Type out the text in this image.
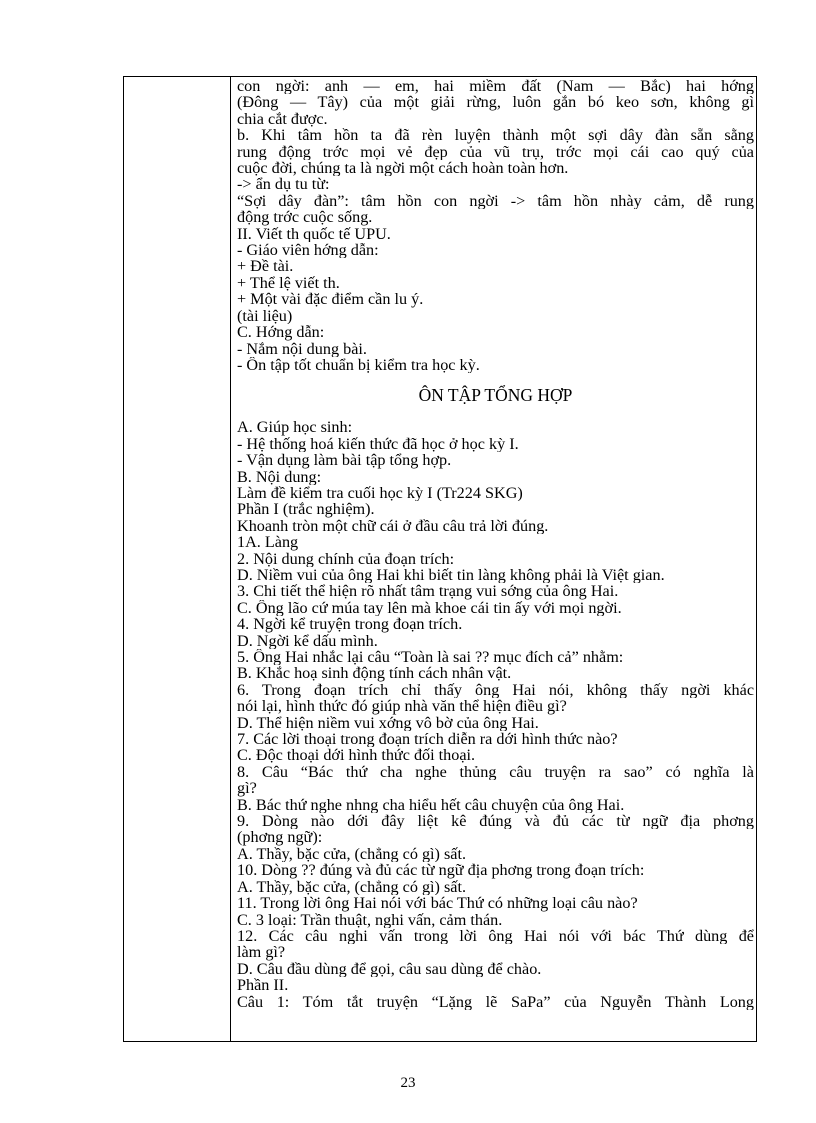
con ngời: anh — em, hai miềm đất (Nam — Bắc) hai hớng
(Đông — Tây) của một giải rừng, luôn gắn bó keo sơn, không gì
chia cắt được.
b. Khi tâm hồn ta đã rèn luyện thành một sợi dây đàn sẵn sằng
rung động trớc mọi vẻ đẹp của vũ trụ, trớc mọi cái cao quý của
cuộc đời, chúng ta là ngời một cách hoàn toàn hơn.
-> ẩn dụ tu từ:
“Sợi dây đàn”: tâm hồn con ngời -> tâm hồn nhày cảm, dễ rung
động trớc cuộc sống.
II. Viết th quốc tế UPU.
- Giáo viên hớng dẫn:
+ Đề tài.
+ Thể lệ viết th.
+ Một vài đặc điểm cần lu ý.
(tài liệu)
C. Hớng dẫn:
- Nắm nội dung bài.
- Ôn tập tốt chuẩn bị kiểm tra học kỳ.
ÔN TẬP TỔNG HỢP
A. Giúp học sinh:
- Hệ thống hoá kiến thức đã học ở học kỳ I.
- Vận dụng làm bài tập tổng hợp.
B. Nội dung:
Làm đề kiểm tra cuối học kỳ I (Tr224 SKG)
Phần I (trắc nghiệm).
Khoanh tròn một chữ cái ở đầu câu trả lời đúng.
1A. Làng
2. Nội dung chính của đoạn trích:
D. Niềm vui của ông Hai khi biết tin làng không phải là Việt gian.
3. Chi tiết thể hiện rõ nhất tâm trạng vui sớng của ông Hai.
C. Ông lão cứ múa tay lên mà khoe cái tin ấy với mọi ngời.
4. Ngời kể truyện trong đoạn trích.
D. Ngời kể dấu mình.
5. Ông Hai nhắc lại câu “Toàn là sai ?? mục đích cả” nhằm:
B. Khắc hoạ sinh động tính cách nhân vật.
6. Trong đoạn trích chỉ thấy ông Hai nói, không thấy ngời khác
nói lại, hình thức đó giúp nhà văn thể hiện điều gì?
D. Thể hiện niềm vui xớng vô bờ của ông Hai.
7. Các lời thoại trong đoạn trích diễn ra dới hình thức nào?
C. Độc thoại dới hình thức đối thoại.
8. Câu “Bác thứ cha nghe thủng câu truyện ra sao” có nghĩa là
gì?
B. Bác thứ nghe nhng cha hiểu hết câu chuyện của ông Hai.
9. Dòng nào dới đây liệt kê đúng và đủ các từ ngữ địa phơng
(phơng ngữ):
A. Thầy, bặc cửa, (chẳng có gì) sất.
10. Dòng ?? đúng và đủ các từ ngữ địa phơng trong đoạn trích:
A. Thầy, bặc cửa, (chẳng có gì) sất.
11. Trong lời ông Hai nói với bác Thứ có những loại câu nào?
C. 3 loại: Trần thuật, nghi vấn, cảm thán.
12. Các câu nghi vấn trong lời ông Hai nói với bác Thứ dùng để
làm gì?
D. Câu đầu dùng để gọi, câu sau dùng để chào.
Phần II.
Câu 1: Tóm tắt truyện “Lặng lẽ SaPa” của Nguyễn Thành Long
23
